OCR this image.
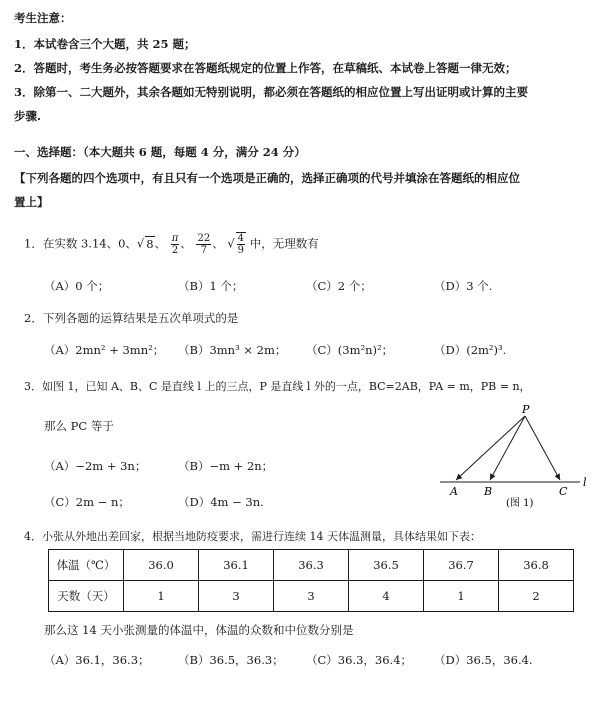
考生注意：
1．本试卷含三个大题，共 25 题；
2．答题时，考生务必按答题要求在答题纸规定的位置上作答，在草稿纸、本试卷上答题一律无效；
3．除第一、二大题外，其余各题如无特别说明，都必须在答题纸的相应位置上写出证明或计算的主要
步骤.
一、选择题：（本大题共 6 题，每题 4 分，满分 24 分）
【下列各题的四个选项中，有且只有一个选项是正确的，选择正确项的代号并填涂在答题纸的相应位
置上】
1．在实数 3.14、0、√ 8、 $\frac{\pi}{2}$ 、 $\frac{22}{7}$ 、 √ $\frac{4}{9}$ 中，无理数有
（A）0 个；	（B）1 个；	（C）2 个；	（D）3 个.
2．下列各题的运算结果是五次单项式的是
（A）2mn² + 3mn²； （B）3mn³ × 2m； （C）(3m²n)²；	（D）(2m²)³.
3．如图 1，已知 A、B、C 是直线 l 上的三点，P 是直线 l 外的一点，BC=2AB，PA = m，PB = n，
那么 PC 等于
（A）−2m + 3n；	（B）−m + 2n；
（C）2m − n；	（D）4m − 3n.
P
A B	C
l
(图 1)
4．小张从外地出差回家，根据当地防疫要求，需进行连续 14 天体温测量，具体结果如下表：
体温（℃）	36.0	36.1	36.3	36.5	36.7	36.8
天数（天）	1	3	3	4	1	2
那么这 14 天小张测量的体温中，体温的众数和中位数分别是
（A）36.1，36.3； （B）36.5，36.3； （C）36.3，36.4； （D）36.5，36.4.
